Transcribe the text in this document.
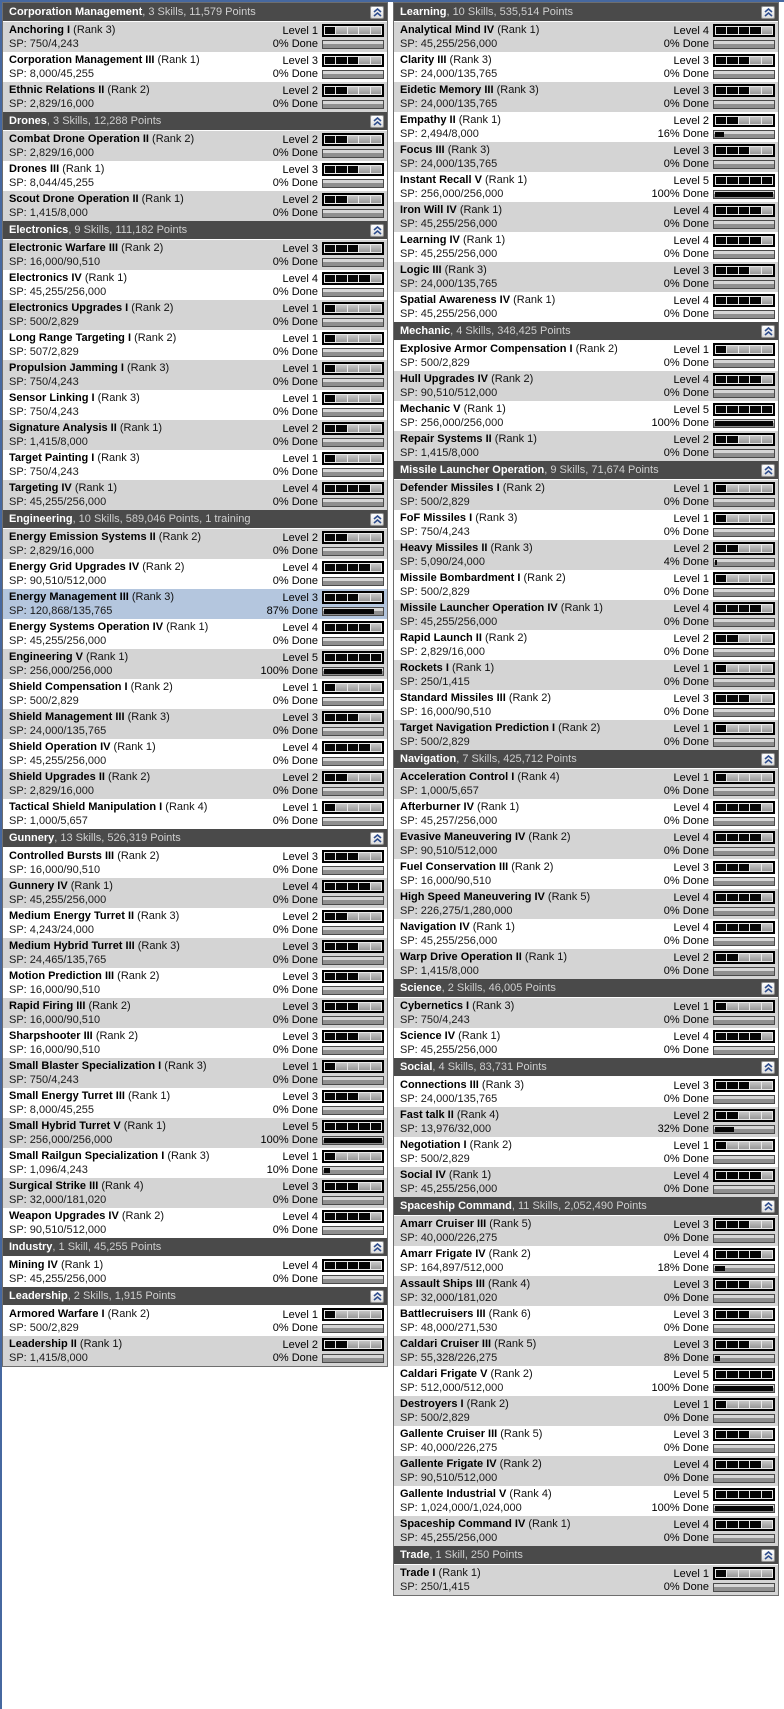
Corporation Management , 3 Skills, 11,579 Points
Anchoring I (Rank 3)
SP: 750/4,243
Level 1
0% Done
Corporation Management III (Rank 1)
SP: 8,000/45,255
Level 3
0% Done
Ethnic Relations II (Rank 2)
SP: 2,829/16,000
Level 2
0% Done
Drones , 3 Skills, 12,288 Points
Combat Drone Operation II (Rank 2)
SP: 2,829/16,000
Level 2
0% Done
Drones III (Rank 1)
SP: 8,044/45,255
Level 3
0% Done
Scout Drone Operation II (Rank 1)
SP: 1,415/8,000
Level 2
0% Done
Electronics , 9 Skills, 111,182 Points
Electronic Warfare III (Rank 2)
SP: 16,000/90,510
Level 3
0% Done
Electronics IV (Rank 1)
SP: 45,255/256,000
Level 4
0% Done
Electronics Upgrades I (Rank 2)
SP: 500/2,829
Level 1
0% Done
Long Range Targeting I (Rank 2)
SP: 507/2,829
Level 1
0% Done
Propulsion Jamming I (Rank 3)
SP: 750/4,243
Level 1
0% Done
Sensor Linking I (Rank 3)
SP: 750/4,243
Level 1
0% Done
Signature Analysis II (Rank 1)
SP: 1,415/8,000
Level 2
0% Done
Target Painting I (Rank 3)
SP: 750/4,243
Level 1
0% Done
Targeting IV (Rank 1)
SP: 45,255/256,000
Level 4
0% Done
Engineering , 10 Skills, 589,046 Points, 1 training
Energy Emission Systems II (Rank 2)
SP: 2,829/16,000
Level 2
0% Done
Energy Grid Upgrades IV (Rank 2)
SP: 90,510/512,000
Level 4
0% Done
Energy Management III (Rank 3)
SP: 120,868/135,765
Level 3
87% Done
Energy Systems Operation IV (Rank 1)
SP: 45,255/256,000
Level 4
0% Done
Engineering V (Rank 1)
SP: 256,000/256,000
Level 5
100% Done
Shield Compensation I (Rank 2)
SP: 500/2,829
Level 1
0% Done
Shield Management III (Rank 3)
SP: 24,000/135,765
Level 3
0% Done
Shield Operation IV (Rank 1)
SP: 45,255/256,000
Level 4
0% Done
Shield Upgrades II (Rank 2)
SP: 2,829/16,000
Level 2
0% Done
Tactical Shield Manipulation I (Rank 4)
SP: 1,000/5,657
Level 1
0% Done
Gunnery , 13 Skills, 526,319 Points
Controlled Bursts III (Rank 2)
SP: 16,000/90,510
Level 3
0% Done
Gunnery IV (Rank 1)
SP: 45,255/256,000
Level 4
0% Done
Medium Energy Turret II (Rank 3)
SP: 4,243/24,000
Level 2
0% Done
Medium Hybrid Turret III (Rank 3)
SP: 24,465/135,765
Level 3
0% Done
Motion Prediction III (Rank 2)
SP: 16,000/90,510
Level 3
0% Done
Rapid Firing III (Rank 2)
SP: 16,000/90,510
Level 3
0% Done
Sharpshooter III (Rank 2)
SP: 16,000/90,510
Level 3
0% Done
Small Blaster Specialization I (Rank 3)
SP: 750/4,243
Level 1
0% Done
Small Energy Turret III (Rank 1)
SP: 8,000/45,255
Level 3
0% Done
Small Hybrid Turret V (Rank 1)
SP: 256,000/256,000
Level 5
100% Done
Small Railgun Specialization I (Rank 3)
SP: 1,096/4,243
Level 1
10% Done
Surgical Strike III (Rank 4)
SP: 32,000/181,020
Level 3
0% Done
Weapon Upgrades IV (Rank 2)
SP: 90,510/512,000
Level 4
0% Done
Industry , 1 Skill, 45,255 Points
Mining IV (Rank 1)
SP: 45,255/256,000
Level 4
0% Done
Leadership , 2 Skills, 1,915 Points
Armored Warfare I (Rank 2)
SP: 500/2,829
Level 1
0% Done
Leadership II (Rank 1)
SP: 1,415/8,000
Level 2
0% Done
Learning , 10 Skills, 535,514 Points
Analytical Mind IV (Rank 1)
SP: 45,255/256,000
Level 4
0% Done
Clarity III (Rank 3)
SP: 24,000/135,765
Level 3
0% Done
Eidetic Memory III (Rank 3)
SP: 24,000/135,765
Level 3
0% Done
Empathy II (Rank 1)
SP: 2,494/8,000
Level 2
16% Done
Focus III (Rank 3)
SP: 24,000/135,765
Level 3
0% Done
Instant Recall V (Rank 1)
SP: 256,000/256,000
Level 5
100% Done
Iron Will IV (Rank 1)
SP: 45,255/256,000
Level 4
0% Done
Learning IV (Rank 1)
SP: 45,255/256,000
Level 4
0% Done
Logic III (Rank 3)
SP: 24,000/135,765
Level 3
0% Done
Spatial Awareness IV (Rank 1)
SP: 45,255/256,000
Level 4
0% Done
Mechanic , 4 Skills, 348,425 Points
Explosive Armor Compensation I (Rank 2)
SP: 500/2,829
Level 1
0% Done
Hull Upgrades IV (Rank 2)
SP: 90,510/512,000
Level 4
0% Done
Mechanic V (Rank 1)
SP: 256,000/256,000
Level 5
100% Done
Repair Systems II (Rank 1)
SP: 1,415/8,000
Level 2
0% Done
Missile Launcher Operation , 9 Skills, 71,674 Points
Defender Missiles I (Rank 2)
SP: 500/2,829
Level 1
0% Done
FoF Missiles I (Rank 3)
SP: 750/4,243
Level 1
0% Done
Heavy Missiles II (Rank 3)
SP: 5,090/24,000
Level 2
4% Done
Missile Bombardment I (Rank 2)
SP: 500/2,829
Level 1
0% Done
Missile Launcher Operation IV (Rank 1)
SP: 45,255/256,000
Level 4
0% Done
Rapid Launch II (Rank 2)
SP: 2,829/16,000
Level 2
0% Done
Rockets I (Rank 1)
SP: 250/1,415
Level 1
0% Done
Standard Missiles III (Rank 2)
SP: 16,000/90,510
Level 3
0% Done
Target Navigation Prediction I (Rank 2)
SP: 500/2,829
Level 1
0% Done
Navigation , 7 Skills, 425,712 Points
Acceleration Control I (Rank 4)
SP: 1,000/5,657
Level 1
0% Done
Afterburner IV (Rank 1)
SP: 45,257/256,000
Level 4
0% Done
Evasive Maneuvering IV (Rank 2)
SP: 90,510/512,000
Level 4
0% Done
Fuel Conservation III (Rank 2)
SP: 16,000/90,510
Level 3
0% Done
High Speed Maneuvering IV (Rank 5)
SP: 226,275/1,280,000
Level 4
0% Done
Navigation IV (Rank 1)
SP: 45,255/256,000
Level 4
0% Done
Warp Drive Operation II (Rank 1)
SP: 1,415/8,000
Level 2
0% Done
Science , 2 Skills, 46,005 Points
Cybernetics I (Rank 3)
SP: 750/4,243
Level 1
0% Done
Science IV (Rank 1)
SP: 45,255/256,000
Level 4
0% Done
Social , 4 Skills, 83,731 Points
Connections III (Rank 3)
SP: 24,000/135,765
Level 3
0% Done
Fast talk II (Rank 4)
SP: 13,976/32,000
Level 2
32% Done
Negotiation I (Rank 2)
SP: 500/2,829
Level 1
0% Done
Social IV (Rank 1)
SP: 45,255/256,000
Level 4
0% Done
Spaceship Command , 11 Skills, 2,052,490 Points
Amarr Cruiser III (Rank 5)
SP: 40,000/226,275
Level 3
0% Done
Amarr Frigate IV (Rank 2)
SP: 164,897/512,000
Level 4
18% Done
Assault Ships III (Rank 4)
SP: 32,000/181,020
Level 3
0% Done
Battlecruisers III (Rank 6)
SP: 48,000/271,530
Level 3
0% Done
Caldari Cruiser III (Rank 5)
SP: 55,328/226,275
Level 3
8% Done
Caldari Frigate V (Rank 2)
SP: 512,000/512,000
Level 5
100% Done
Destroyers I (Rank 2)
SP: 500/2,829
Level 1
0% Done
Gallente Cruiser III (Rank 5)
SP: 40,000/226,275
Level 3
0% Done
Gallente Frigate IV (Rank 2)
SP: 90,510/512,000
Level 4
0% Done
Gallente Industrial V (Rank 4)
SP: 1,024,000/1,024,000
Level 5
100% Done
Spaceship Command IV (Rank 1)
SP: 45,255/256,000
Level 4
0% Done
Trade , 1 Skill, 250 Points
Trade I (Rank 1)
SP: 250/1,415
Level 1
0% Done
